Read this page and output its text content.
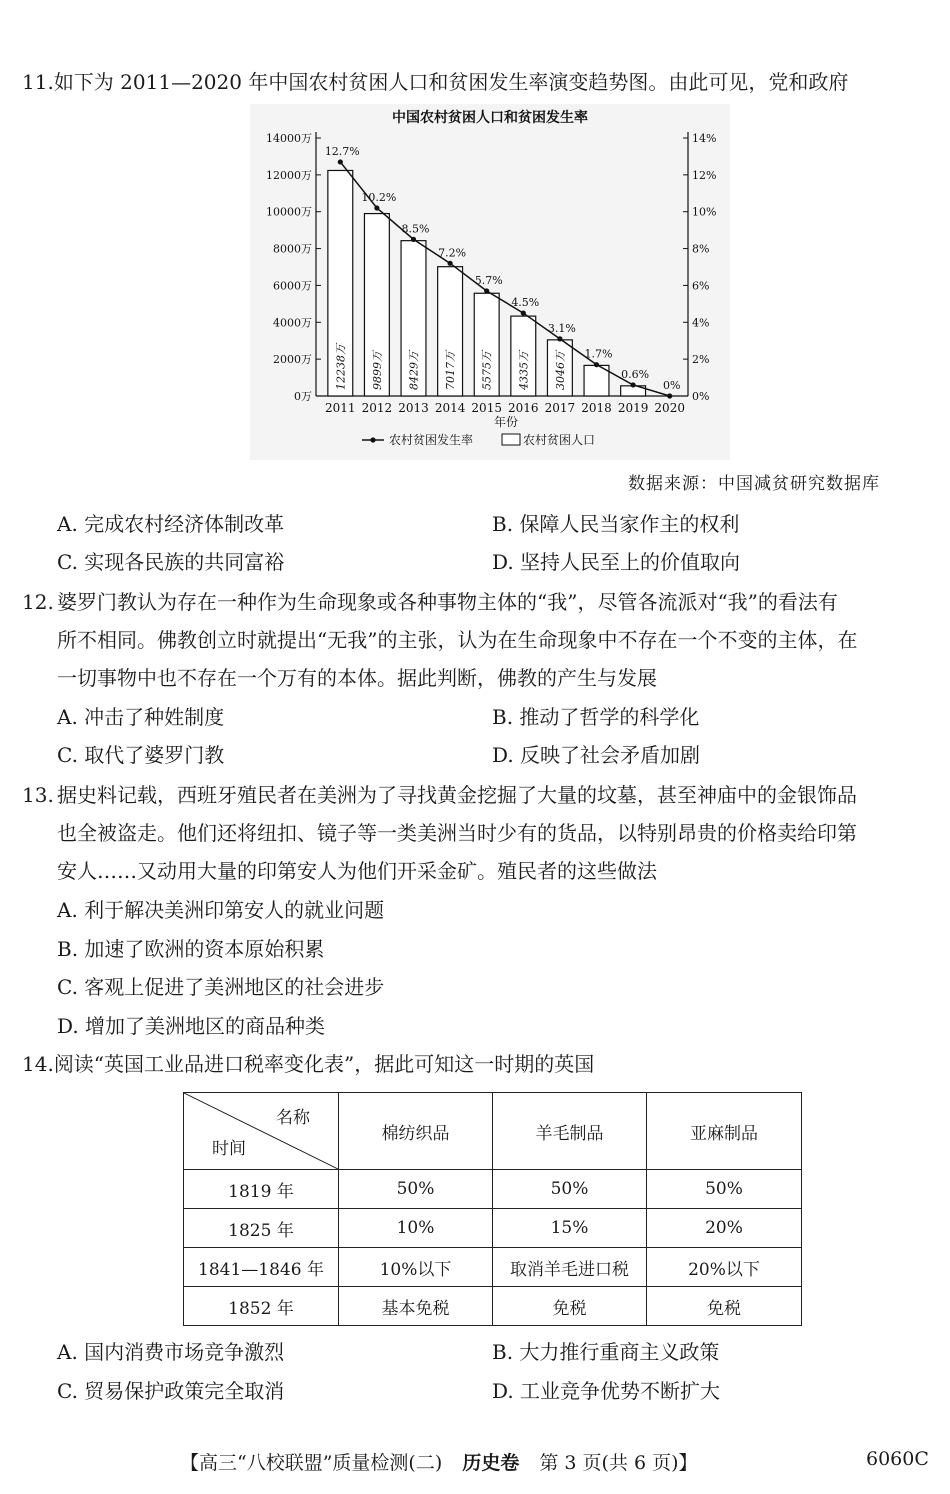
11.如下为 2011—2020 年中国农村贫困人口和贫困发生率演变趋势图。由此可见，党和政府
中国农村贫困人口和贫困发生率
0万
2000万
4000万
6000万
8000万
10000万
12000万
14000万
0%
2%
4%
6%
8%
10%
12%
14%
12238万 9899万 8429万 7017万 5575万 4335万 3046万
2011 2012 2013 2014 2015 2016 2017 2018 2019 2020
年份
12.7%
10.2%
8.5%
7.2%
5.7%
4.5%
3.1%
1.7%
0.6%
0%
农村贫困发生率	农村贫困人口
数据来源：中国减贫研究数据库
A. 完成农村经济体制改革	B. 保障人民当家作主的权利
C. 实现各民族的共同富裕	D. 坚持人民至上的价值取向
12. 婆罗门教认为存在一种作为生命现象或各种事物主体的“我”，尽管各流派对“我”的看法有
所不相同。佛教创立时就提出“无我”的主张，认为在生命现象中不存在一个不变的主体，在
一切事物中也不存在一个万有的本体。据此判断，佛教的产生与发展
A. 冲击了种姓制度	B. 推动了哲学的科学化
C. 取代了婆罗门教	D. 反映了社会矛盾加剧
13. 据史料记载，西班牙殖民者在美洲为了寻找黄金挖掘了大量的坟墓，甚至神庙中的金银饰品
也全被盗走。他们还将纽扣、镜子等一类美洲当时少有的货品，以特别昂贵的价格卖给印第
安人……又动用大量的印第安人为他们开采金矿。殖民者的这些做法
A. 利于解决美洲印第安人的就业问题
B. 加速了欧洲的资本原始积累
C. 客观上促进了美洲地区的社会进步
D. 增加了美洲地区的商品种类
14.阅读“英国工业品进口税率变化表”，据此可知这一时期的英国
名称
时间	棉纺织品	羊毛制品	亚麻制品
1819 年	50%	50%	50%
1825 年	10%	15%	20%
1841—1846 年	10%以下	取消羊毛进口税	20%以下
1852 年	基本免税	免税	免税
A. 国内消费市场竞争激烈	B. 大力推行重商主义政策
C. 贸易保护政策完全取消	D. 工业竞争优势不断扩大
【高三“八校联盟”质量检测(二) 历史卷 第 3 页(共 6 页)】	6060C
